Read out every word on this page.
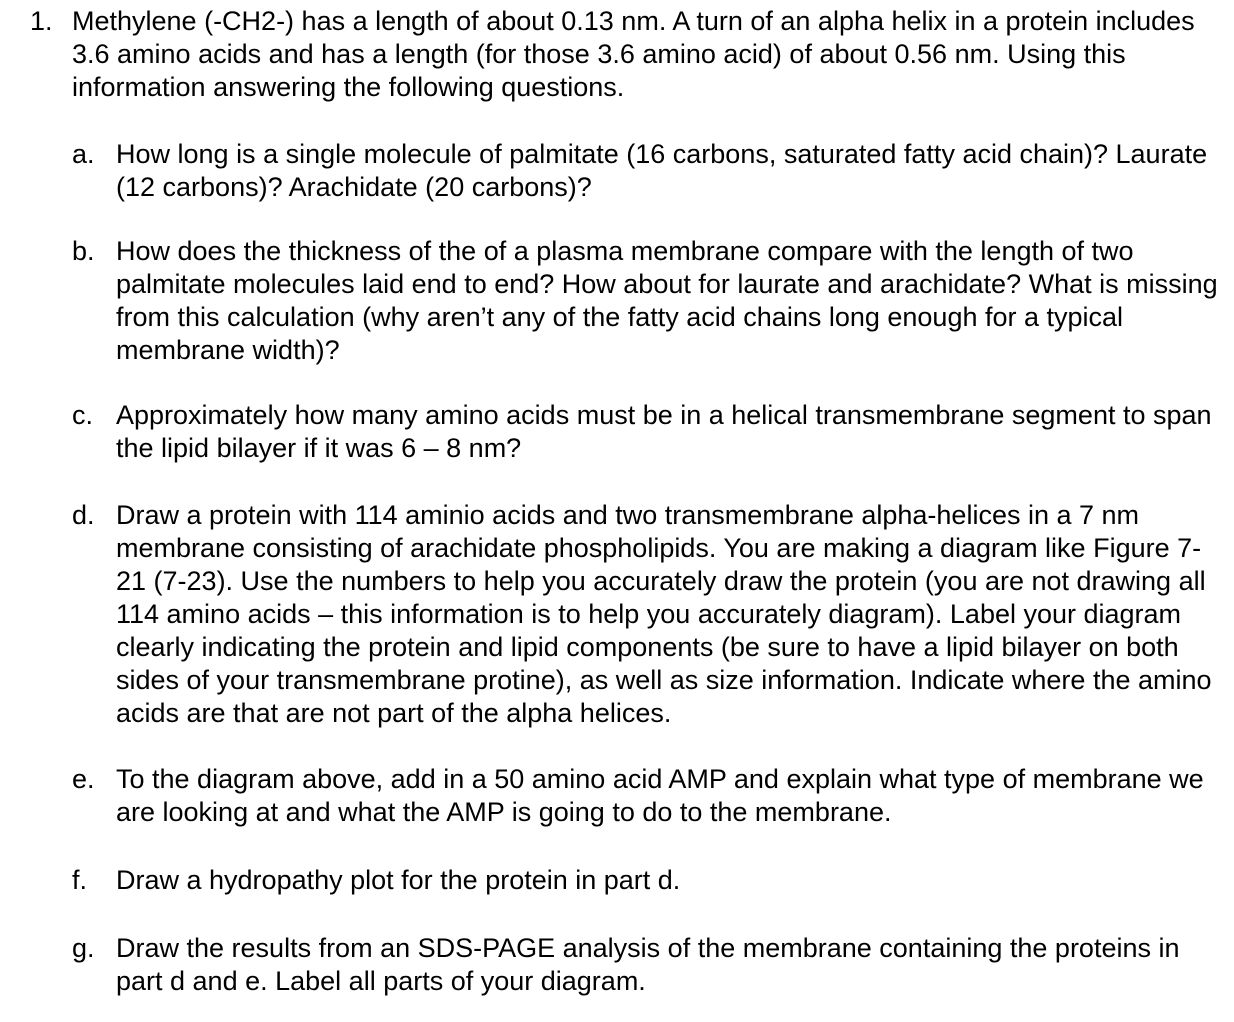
1. Methylene (-CH2-) has a length of about 0.13 nm. A turn of an alpha helix in a protein includes 3.6 amino acids and has a length (for those 3.6 amino acid) of about 0.56 nm. Using this information answering the following questions.
a. How long is a single molecule of palmitate (16 carbons, saturated fatty acid chain)? Laurate (12 carbons)? Arachidate (20 carbons)?
b. How does the thickness of the of a plasma membrane compare with the length of two palmitate molecules laid end to end? How about for laurate and arachidate? What is missing from this calculation (why aren’t any of the fatty acid chains long enough for a typical membrane width)?
c. Approximately how many amino acids must be in a helical transmembrane segment to span the lipid bilayer if it was 6 – 8 nm?
d. Draw a protein with 114 aminio acids and two transmembrane alpha-helices in a 7 nm membrane consisting of arachidate phospholipids. You are making a diagram like Figure 7-21 (7-23). Use the numbers to help you accurately draw the protein (you are not drawing all 114 amino acids – this information is to help you accurately diagram). Label your diagram clearly indicating the protein and lipid components (be sure to have a lipid bilayer on both sides of your transmembrane protine), as well as size information. Indicate where the amino acids are that are not part of the alpha helices.
e. To the diagram above, add in a 50 amino acid AMP and explain what type of membrane we are looking at and what the AMP is going to do to the membrane.
f.	Draw a hydropathy plot for the protein in part d.
g. Draw the results from an SDS-PAGE analysis of the membrane containing the proteins in part d and e. Label all parts of your diagram.
